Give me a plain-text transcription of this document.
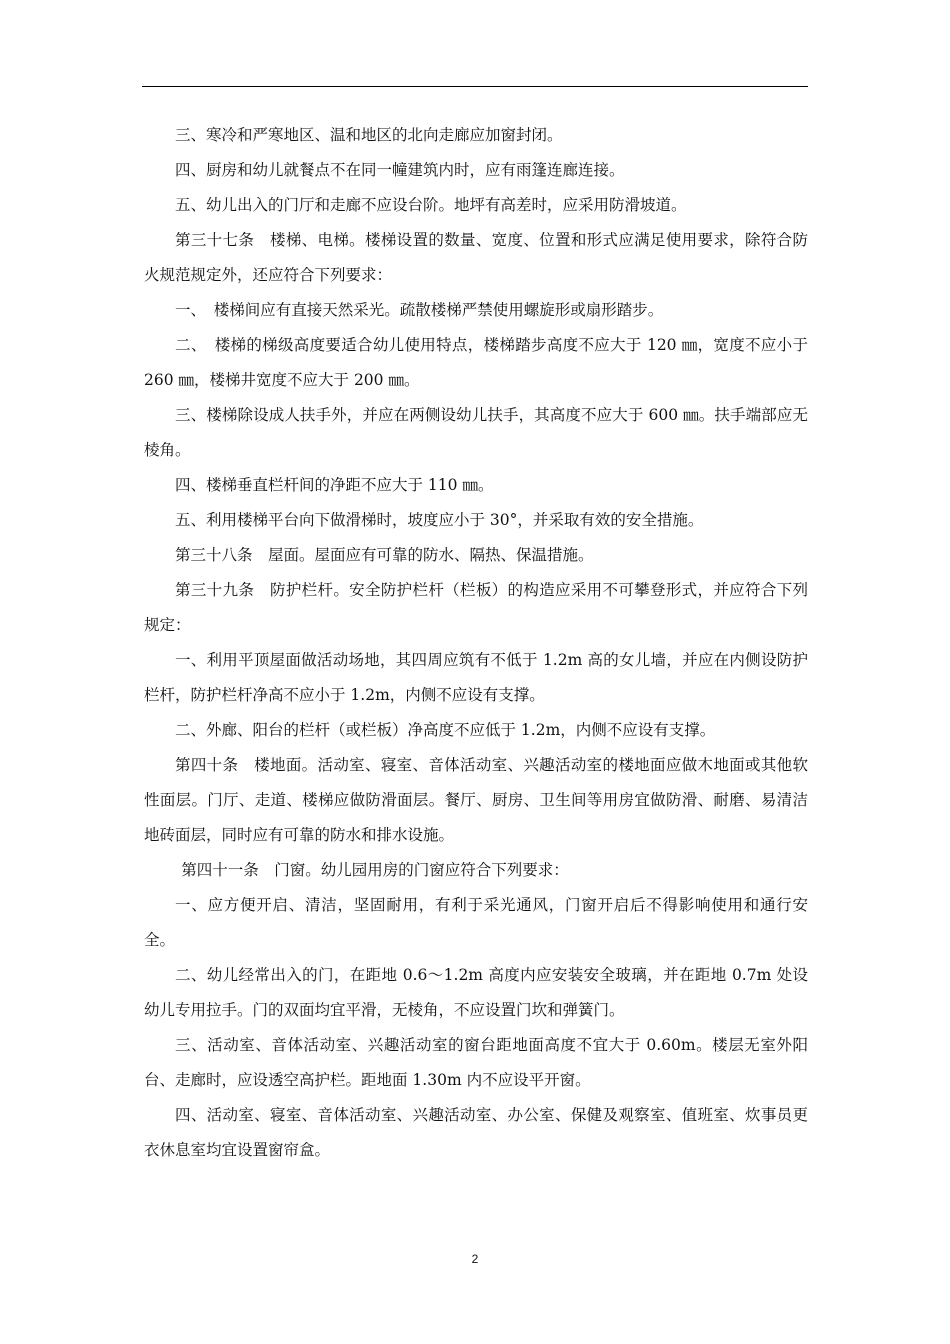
三、寒冷和严寒地区、温和地区的北向走廊应加窗封闭。

四、厨房和幼儿就餐点不在同一幢建筑内时，应有雨篷连廊连接。

五、幼儿出入的门厅和走廊不应设台阶。地坪有高差时，应采用防滑坡道。

第三十七条　楼梯、电梯。楼梯设置的数量、宽度、位置和形式应满足使用要求，除符合防火规范规定外，还应符合下列要求：

一、　楼梯间应有直接天然采光。疏散楼梯严禁使用螺旋形或扇形踏步。

二、　楼梯的梯级高度要适合幼儿使用特点，楼梯踏步高度不应大于 120 ㎜，宽度不应小于 260 ㎜，楼梯井宽度不应大于 200 ㎜。

三、楼梯除设成人扶手外，并应在两侧设幼儿扶手，其高度不应大于 600 ㎜。扶手端部应无棱角。

四、楼梯垂直栏杆间的净距不应大于 110 ㎜。

五、利用楼梯平台向下做滑梯时，坡度应小于 30°，并采取有效的安全措施。

第三十八条　屋面。屋面应有可靠的防水、隔热、保温措施。

第三十九条　防护栏杆。安全防护栏杆（栏板）的构造应采用不可攀登形式，并应符合下列规定：

一、利用平顶屋面做活动场地，其四周应筑有不低于 1.2m 高的女儿墙，并应在内侧设防护栏杆，防护栏杆净高不应小于 1.2m，内侧不应设有支撑。

二、外廊、阳台的栏杆（或栏板）净高度不应低于 1.2m，内侧不应设有支撑。

第四十条　楼地面。活动室、寝室、音体活动室、兴趣活动室的楼地面应做木地面或其他软性面层。门厅、走道、楼梯应做防滑面层。餐厅、厨房、卫生间等用房宜做防滑、耐磨、易清洁地砖面层，同时应有可靠的防水和排水设施。

第四十一条　门窗。幼儿园用房的门窗应符合下列要求：

一、应方便开启、清洁，坚固耐用，有利于采光通风，门窗开启后不得影响使用和通行安全。

二、幼儿经常出入的门，在距地 0.6～1.2m 高度内应安装安全玻璃，并在距地 0.7m 处设幼儿专用拉手。门的双面均宜平滑，无棱角，不应设置门坎和弹簧门。

三、活动室、音体活动室、兴趣活动室的窗台距地面高度不宜大于 0.60m。楼层无室外阳台、走廊时，应设透空高护栏。距地面 1.30m 内不应设平开窗。

四、活动室、寝室、音体活动室、兴趣活动室、办公室、保健及观察室、值班室、炊事员更衣休息室均宜设置窗帘盒。

2
